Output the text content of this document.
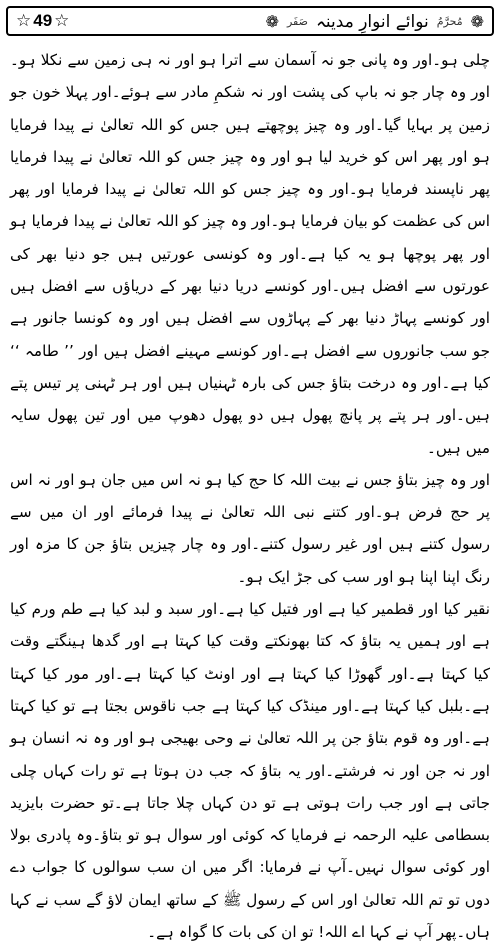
☆ 49 ☆	❁
مُحرَّمُ
نوائے انوارِ مدینہ
صَفَر
❁

چلی ہو۔اور وہ پانی جو نہ آسمان سے اترا ہو اور نہ ہی زمین سے نکلا ہو۔اور وہ چار جو نہ باپ کی پشت اور نہ شکمِ مادر سے ہوئے۔اور پہلا خون جو زمین پر بہایا گیا۔اور وہ چیز پوچھتے ہیں جس کو اللہ تعالیٰ نے پیدا فرمایا ہو اور پھر اس کو خرید لیا ہو اور وہ چیز جس کو اللہ تعالیٰ نے پیدا فرمایا پھر ناپسند فرمایا ہو۔اور وہ چیز جس کو اللہ تعالیٰ نے پیدا فرمایا اور پھر اس کی عظمت کو بیان فرمایا ہو۔اور وہ چیز کو اللہ تعالیٰ نے پیدا فرمایا ہو اور پھر پوچھا ہو یہ کیا ہے۔اور وہ کونسی عورتیں ہیں جو دنیا بھر کی عورتوں سے افضل ہیں۔اور کونسے دریا دنیا بھر کے دریاؤں سے افضل ہیں اور کونسے پہاڑ دنیا بھر کے پہاڑوں سے افضل ہیں اور وہ کونسا جانور ہے جو سب جانوروں سے افضل ہے۔اور کونسے مہینے افضل ہیں اور ’’ طامہ ‘‘ کیا ہے۔اور وہ درخت بتاؤ جس کی بارہ ٹہنیاں ہیں اور ہر ٹہنی پر تیس پتے ہیں۔اور ہر پتے پر پانچ پھول ہیں دو پھول دھوپ میں اور تین پھول سایہ میں ہیں۔

اور وہ چیز بتاؤ جس نے بیت اللہ کا حج کیا ہو نہ اس میں جان ہو اور نہ اس پر حج فرض ہو۔اور کتنے نبی اللہ تعالیٰ نے پیدا فرمائے اور ان میں سے رسول کتنے ہیں اور غیر رسول کتنے۔اور وہ چار چیزیں بتاؤ جن کا مزہ اور رنگ اپنا اپنا ہو اور سب کی جڑ ایک ہو۔

نقیر کیا اور قطمیر کیا ہے اور فتیل کیا ہے۔اور سبد و لبد کیا ہے طم ورم کیا ہے اور ہمیں یہ بتاؤ کہ کتا بھونکتے وقت کیا کہتا ہے اور گدھا ہینگتے وقت کیا کہتا ہے۔اور گھوڑا کیا کہتا ہے اور اونٹ کیا کہتا ہے۔اور مور کیا کہتا ہے۔بلبل کیا کہتا ہے۔اور مینڈک کیا کہتا ہے جب ناقوس بجتا ہے تو کیا کہتا ہے۔اور وہ قوم بتاؤ جن پر اللہ تعالیٰ نے وحی بھیجی ہو اور وہ نہ انسان ہو اور نہ جن اور نہ فرشتے۔اور یہ بتاؤ کہ جب دن ہوتا ہے تو رات کہاں چلی جاتی ہے اور جب رات ہوتی ہے تو دن کہاں چلا جاتا ہے۔تو حضرت بایزید بسطامی علیہ الرحمہ نے فرمایا کہ کوئی اور سوال ہو تو بتاؤ۔وہ پادری بولا اور کوئی سوال نہیں۔آپ نے فرمایا: اگر میں ان سب سوالوں کا جواب دے دوں تو تم اللہ تعالیٰ اور اس کے رسول ﷺ کے ساتھ ایمان لاؤ گے سب نے کہا ہاں۔پھر آپ نے کہا اے اللہ! تو ان کی بات کا گواہ ہے۔
